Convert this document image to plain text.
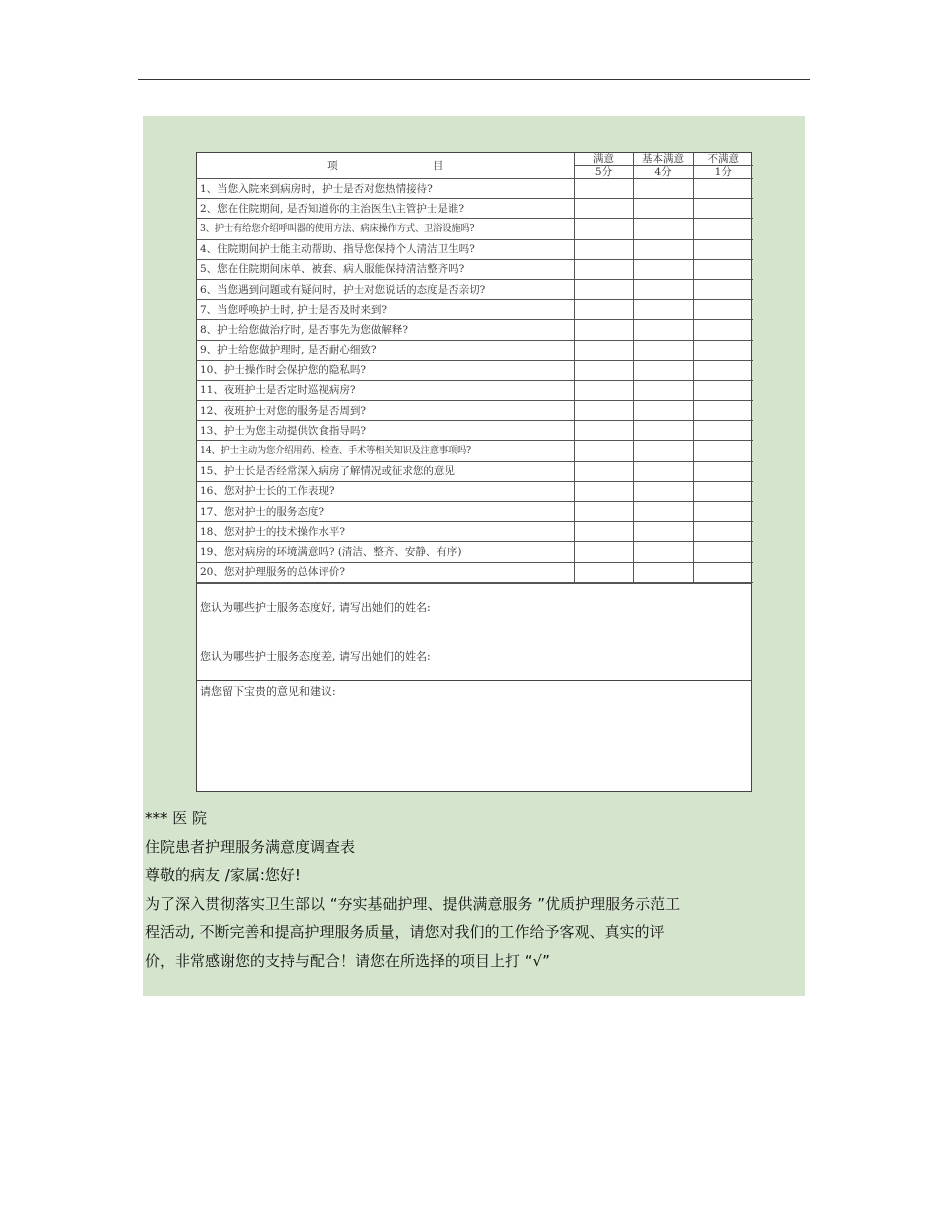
项 目	满意	基本满意	不满意
	5分	4分	1分
1、当您入院来到病房时，护士是否对您热情接待?			
2、您在住院期间, 是否知道你的主治医生\主管护士是谁?			
3、护士有给您介绍呼叫器的使用方法、病床操作方式、卫浴设施吗?			
4、住院期间护士能主动帮助、指导您保持个人清洁卫生吗?			
5、您在住院期间床单、被套、病人服能保持清洁整齐吗?			
6、当您遇到问题或有疑问时，护士对您说话的态度是否亲切?			
7、当您呼唤护士时, 护士是否及时来到?			
8、护士给您做治疗时, 是否事先为您做解释?			
9、护士给您做护理时, 是否耐心细致?			
10、护士操作时会保护您的隐私吗?			
11、夜班护士是否定时巡视病房?			
12、夜班护士对您的服务是否周到?			
13、护士为您主动提供饮食指导吗?			
14、护士主动为您介绍用药、检查、手术等相关知识及注意事项吗?			
15、护士长是否经常深入病房了解情况或征求您的意见			
16、您对护士长的工作表现?			
17、您对护士的服务态度?			
18、您对护士的技术操作水平?			
19、您对病房的环境满意吗? (清洁、整齐、安静、有序)			
20、您对护理服务的总体评价?			
您认为哪些护士服务态度好, 请写出她们的姓名:
您认为哪些护士服务态度差, 请写出她们的姓名:
请您留下宝贵的意见和建议:
*** 医 院
住院患者护理服务满意度调查表
尊敬的病友 /家属:您好!
为了深入贯彻落实卫生部以 “夯实基础护理、提供满意服务 ”优质护理服务示范工
程活动, 不断完善和提高护理服务质量，请您对我们的工作给予客观、真实的评
价，非常感谢您的支持与配合！请您在所选择的项目上打 “√”
